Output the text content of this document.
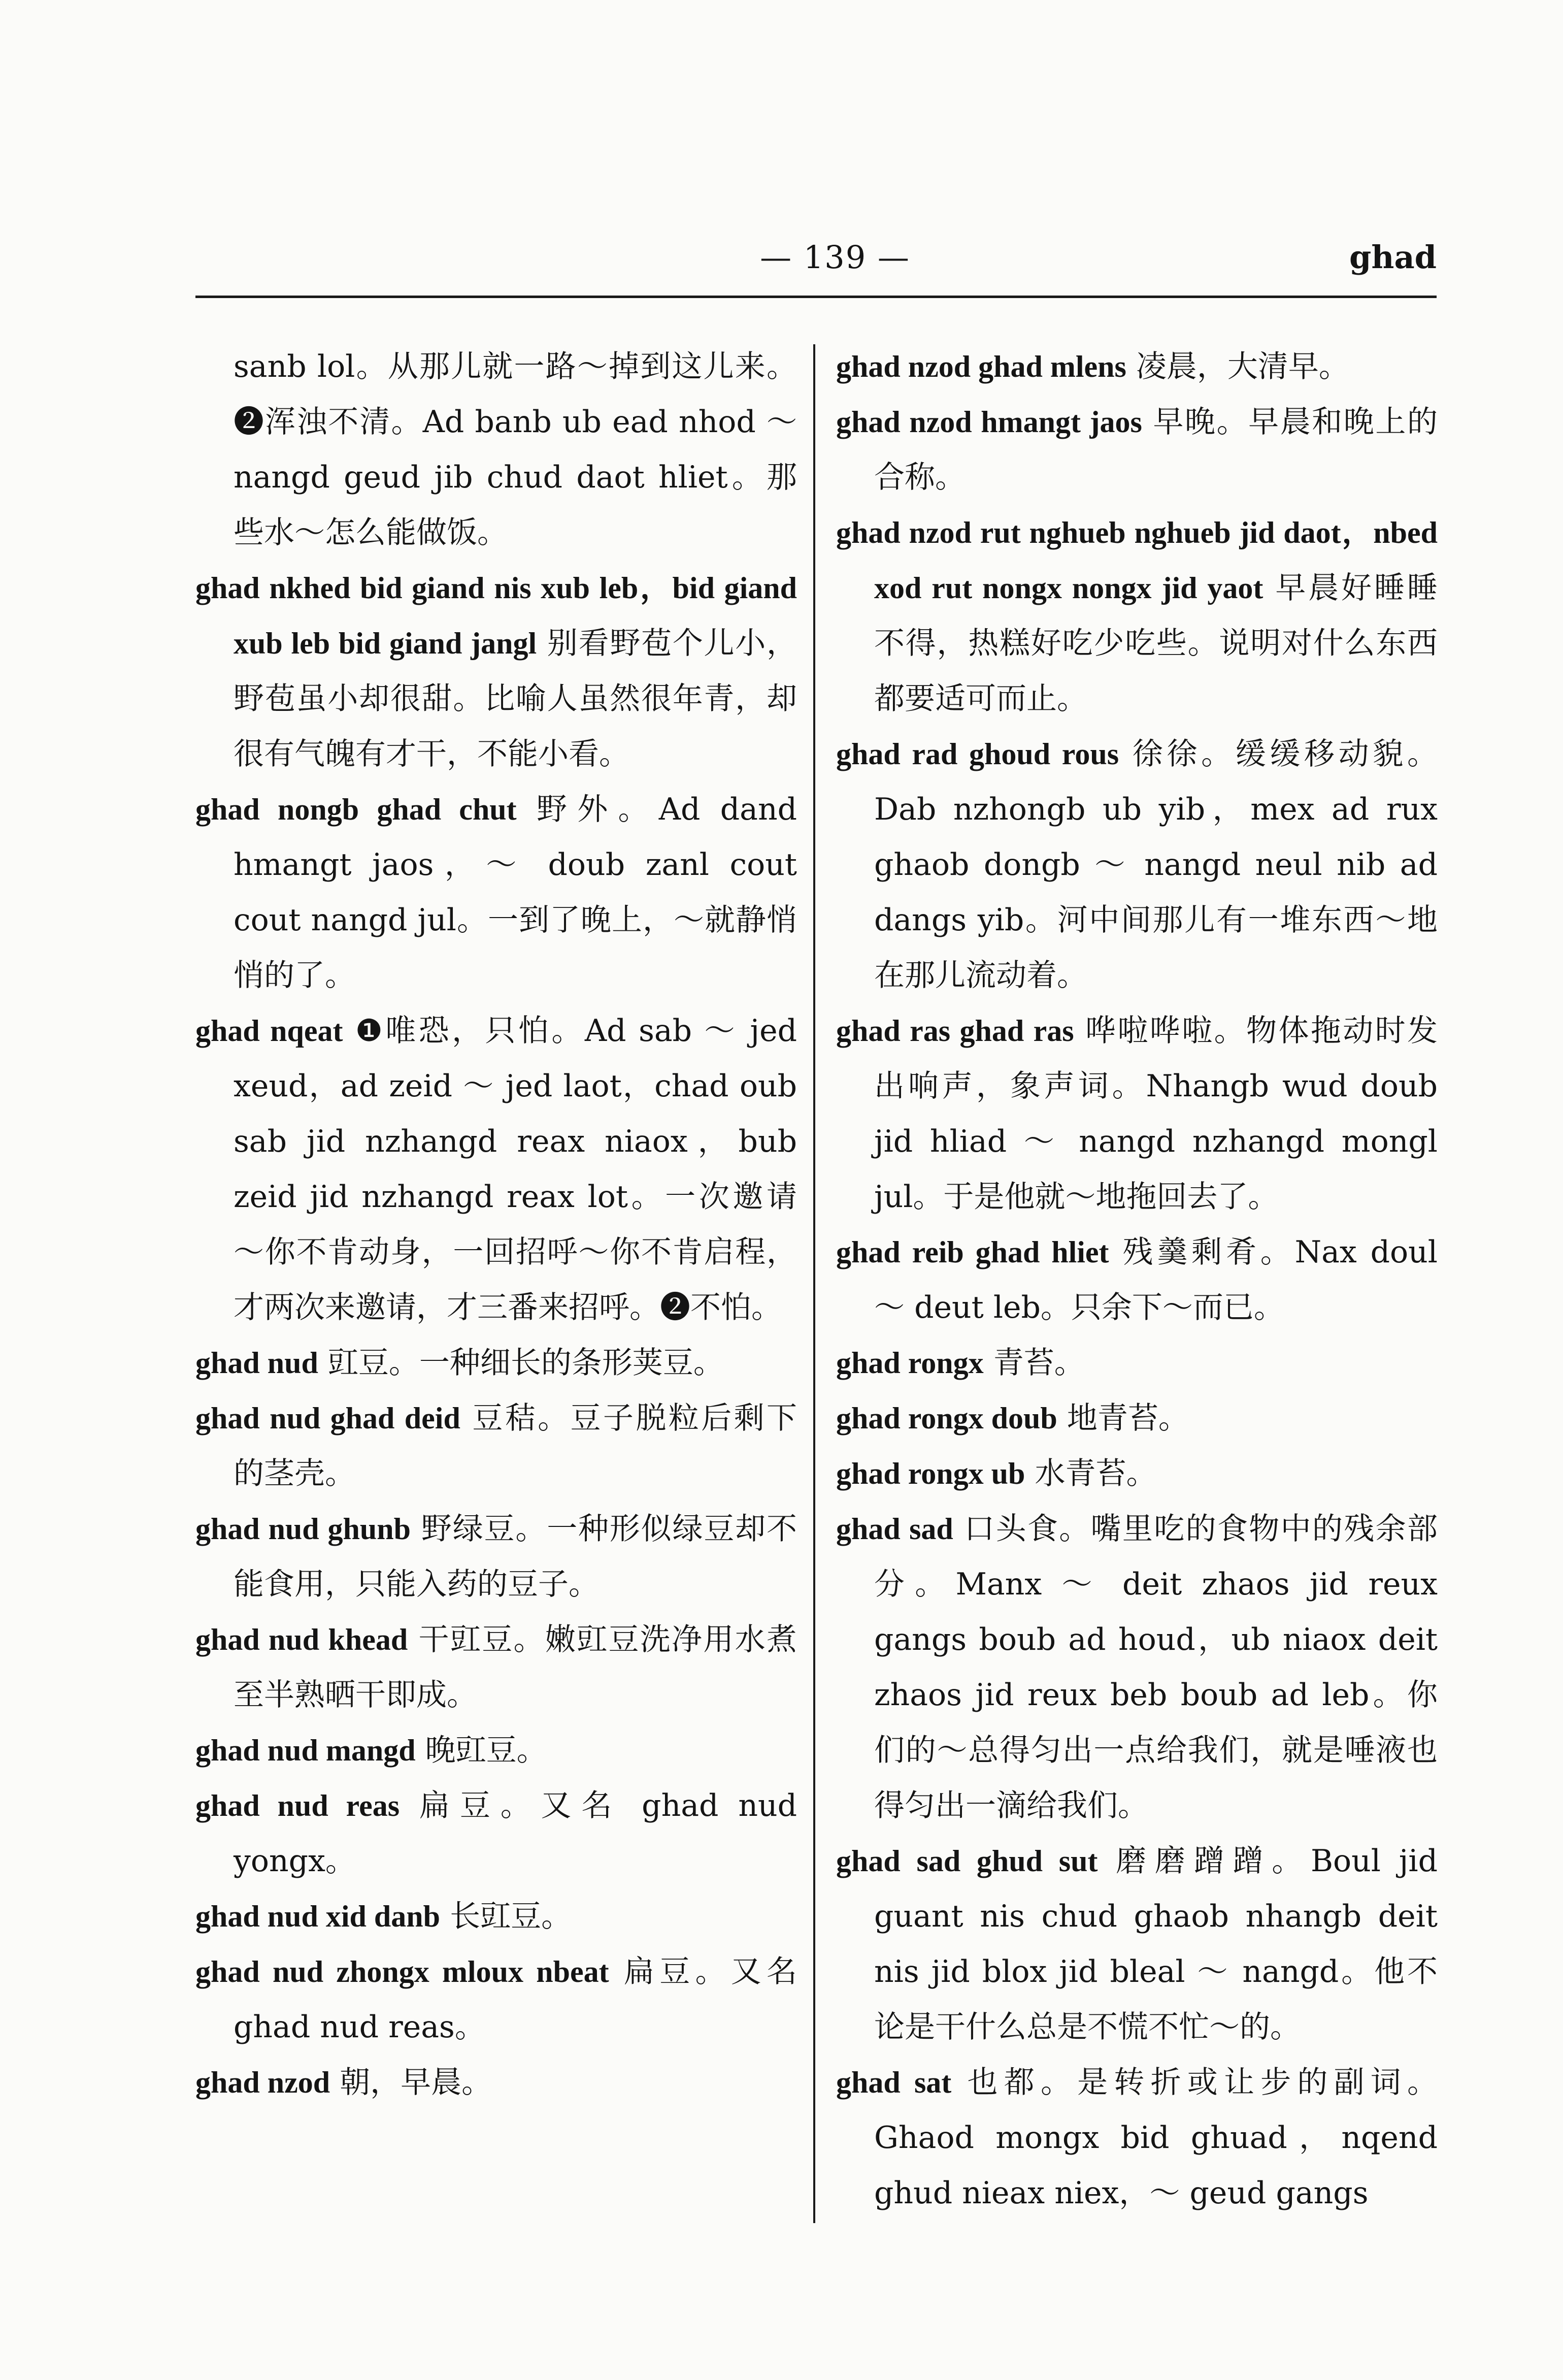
— 139 —	ghad
sanb lol。从那儿就一路～掉到这儿来。❷浑浊不清。Ad banb ub ead nhod ～ nangd geud jib chud daot hliet。那些水～怎么能做饭。
ghad nkhed bid giand nis xub leb，bid giand xub leb bid giand jangl 别看野苞个儿小，野苞虽小却很甜。比喻人虽然很年青，却很有气魄有才干，不能小看。
ghad nongb ghad chut 野外。Ad dand hmangt jaos，～ doub zanl cout cout nangd jul。一到了晚上，～就静悄悄的了。
ghad nqeat ❶唯恐，只怕。Ad sab ～ jed xeud，ad zeid ～ jed laot，chad oub sab jid nzhangd reax niaox，bub zeid jid nzhangd reax lot。一次邀请～你不肯动身，一回招呼～你不肯启程，才两次来邀请，才三番来招呼。❷不怕。
ghad nud 豇豆。一种细长的条形荚豆。
ghad nud ghad deid 豆秸。豆子脱粒后剩下的茎壳。
ghad nud ghunb 野绿豆。一种形似绿豆却不能食用，只能入药的豆子。
ghad nud khead 干豇豆。嫩豇豆洗净用水煮至半熟晒干即成。
ghad nud mangd 晚豇豆。
ghad nud reas 扁豆。又名 ghad nud yongx。
ghad nud xid danb 长豇豆。
ghad nud zhongx mloux nbeat 扁豆。又名 ghad nud reas。
ghad nzod 朝，早晨。
ghad nzod ghad mlens 凌晨，大清早。
ghad nzod hmangt jaos 早晚。早晨和晚上的合称。
ghad nzod rut nghueb nghueb jid daot，nbed xod rut nongx nongx jid yaot 早晨好睡睡不得，热糕好吃少吃些。说明对什么东西都要适可而止。
ghad rad ghoud rous 徐徐。缓缓移动貌。Dab nzhongb ub yib，mex ad rux ghaob dongb ～ nangd neul nib ad dangs yib。河中间那儿有一堆东西～地在那儿流动着。
ghad ras ghad ras 哗啦哗啦。物体拖动时发出响声，象声词。Nhangb wud doub jid hliad ～ nangd nzhangd mongl jul。于是他就～地拖回去了。
ghad reib ghad hliet 残羹剩肴。Nax doul ～ deut leb。只余下～而已。
ghad rongx 青苔。
ghad rongx doub 地青苔。
ghad rongx ub 水青苔。
ghad sad 口头食。嘴里吃的食物中的残余部分。Manx ～ deit zhaos jid reux gangs boub ad houd，ub niaox deit zhaos jid reux beb boub ad leb。你们的～总得匀出一点给我们，就是唾液也得匀出一滴给我们。
ghad sad ghud sut 磨磨蹭蹭。Boul jid guant nis chud ghaob nhangb deit nis jid blox jid bleal ～ nangd。他不论是干什么总是不慌不忙～的。
ghad sat 也都。是转折或让步的副词。Ghaod mongx bid ghuad，nqend ghud nieax niex，～ geud gangs
